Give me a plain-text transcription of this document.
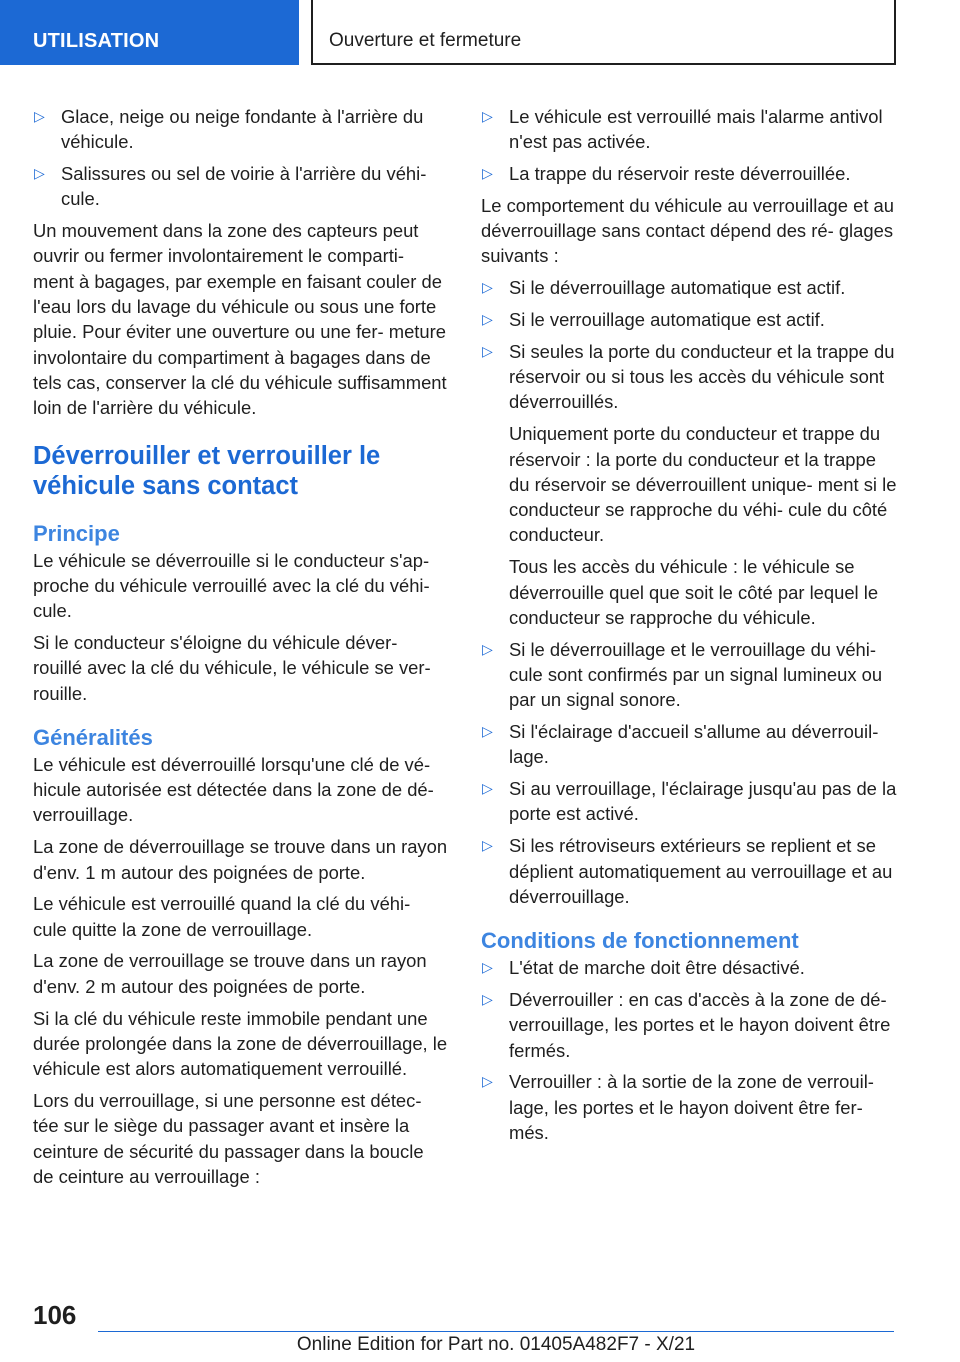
UTILISATION	Ouverture et fermeture
▷ Glace, neige ou neige fondante à l'arrière du véhicule.
▷ Salissures ou sel de voirie à l'arrière du véhi‐ cule.
Un mouvement dans la zone des capteurs peut ouvrir ou fermer involontairement le comparti‐ ment à bagages, par exemple en faisant couler de l'eau lors du lavage du véhicule ou sous une forte pluie. Pour éviter une ouverture ou une fer‐ meture involontaire du compartiment à bagages dans de tels cas, conserver la clé du véhicule suffisamment loin de l'arrière du véhicule.
Déverrouiller et verrouiller le véhicule sans contact
Principe
Le véhicule se déverrouille si le conducteur s'ap‐ proche du véhicule verrouillé avec la clé du véhi‐ cule.
Si le conducteur s'éloigne du véhicule déver‐ rouillé avec la clé du véhicule, le véhicule se ver‐ rouille.
Généralités
Le véhicule est déverrouillé lorsqu'une clé de vé‐ hicule autorisée est détectée dans la zone de dé‐ verrouillage.
La zone de déverrouillage se trouve dans un rayon d'env. 1 m autour des poignées de porte.
Le véhicule est verrouillé quand la clé du véhi‐ cule quitte la zone de verrouillage.
La zone de verrouillage se trouve dans un rayon d'env. 2 m autour des poignées de porte.
Si la clé du véhicule reste immobile pendant une durée prolongée dans la zone de déverrouillage, le véhicule est alors automatiquement verrouillé.
Lors du verrouillage, si une personne est détec‐ tée sur le siège du passager avant et insère la ceinture de sécurité du passager dans la boucle de ceinture au verrouillage :
▷ Le véhicule est verrouillé mais l'alarme antivol n'est pas activée.
▷ La trappe du réservoir reste déverrouillée.
Le comportement du véhicule au verrouillage et au déverrouillage sans contact dépend des ré‐ glages suivants :
▷ Si le déverrouillage automatique est actif.
▷ Si le verrouillage automatique est actif.
▷ Si seules la porte du conducteur et la trappe du réservoir ou si tous les accès du véhicule sont déverrouillés.
Uniquement porte du conducteur et trappe du réservoir : la porte du conducteur et la trappe du réservoir se déverrouillent unique‐ ment si le conducteur se rapproche du véhi‐ cule du côté conducteur.
Tous les accès du véhicule : le véhicule se déverrouille quel que soit le côté par lequel le conducteur se rapproche du véhicule.
▷ Si le déverrouillage et le verrouillage du véhi‐ cule sont confirmés par un signal lumineux ou par un signal sonore.
▷ Si l'éclairage d'accueil s'allume au déverrouil‐ lage.
▷ Si au verrouillage, l'éclairage jusqu'au pas de la porte est activé.
▷ Si les rétroviseurs extérieurs se replient et se déplient automatiquement au verrouillage et au déverrouillage.
Conditions de fonctionnement
▷ L'état de marche doit être désactivé.
▷ Déverrouiller : en cas d'accès à la zone de dé‐ verrouillage, les portes et le hayon doivent être fermés.
▷ Verrouiller : à la sortie de la zone de verrouil‐ lage, les portes et le hayon doivent être fer‐ més.
106
Online Edition for Part no. 01405A482F7 - X/21
